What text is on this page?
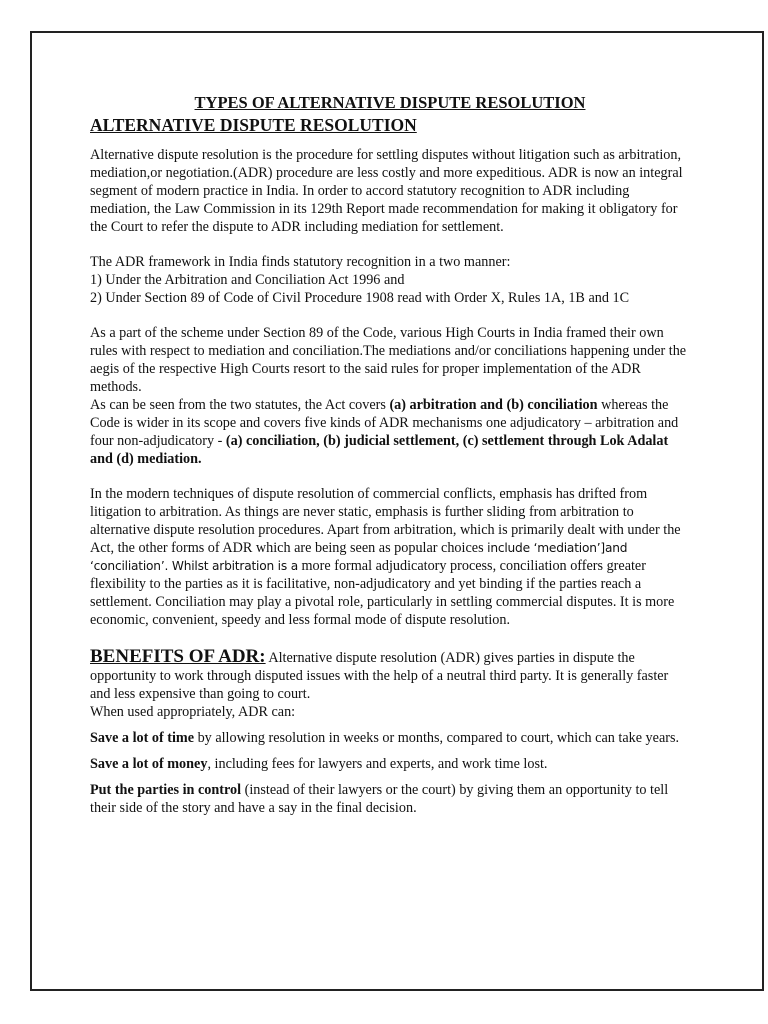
TYPES OF ALTERNATIVE DISPUTE RESOLUTION

ALTERNATIVE DISPUTE RESOLUTION

Alternative dispute resolution is the procedure for settling disputes without litigation such as arbitration, mediation,or negotiation.(ADR) procedure are less costly and more expeditious. ADR is now an integral segment of modern practice in India. In order to accord statutory recognition to ADR including mediation, the Law Commission in its 129th Report made recommendation for making it obligatory for the Court to refer the dispute to ADR including mediation for settlement.

The ADR framework in India finds statutory recognition in a two manner:
1) Under the Arbitration and Conciliation Act 1996 and
2) Under Section 89 of Code of Civil Procedure 1908 read with Order X, Rules 1A, 1B and 1C

As a part of the scheme under Section 89 of the Code, various High Courts in India framed their own rules with respect to mediation and conciliation.The mediations and/or conciliations happening under the aegis of the respective High Courts resort to the said rules for proper implementation of the ADR methods.

As can be seen from the two statutes, the Act covers (a) arbitration and (b) conciliation whereas the Code is wider in its scope and covers five kinds of ADR mechanisms one adjudicatory – arbitration and four non-adjudicatory - (a) conciliation, (b) judicial settlement, (c) settlement through Lok Adalat and (d) mediation.

In the modern techniques of dispute resolution of commercial conflicts, emphasis has drifted from litigation to arbitration. As things are never static, emphasis is further sliding from arbitration to alternative dispute resolution procedures. Apart from arbitration, which is primarily dealt with under the Act, the other forms of ADR which are being seen as popular choices include ‘mediation’]and ‘conciliation’. Whilst arbitration is a more formal adjudicatory process, conciliation offers greater flexibility to the parties as it is facilitative, non-adjudicatory and yet binding if the parties reach a settlement. Conciliation may play a pivotal role, particularly in settling commercial disputes. It is more economic, convenient, speedy and less formal mode of dispute resolution.

BENEFITS OF ADR: Alternative dispute resolution (ADR) gives parties in dispute the opportunity to work through disputed issues with the help of a neutral third party. It is generally faster and less expensive than going to court.
When used appropriately, ADR can:

Save a lot of time by allowing resolution in weeks or months, compared to court, which can take years.

Save a lot of money, including fees for lawyers and experts, and work time lost.

Put the parties in control (instead of their lawyers or the court) by giving them an opportunity to tell their side of the story and have a say in the final decision.
